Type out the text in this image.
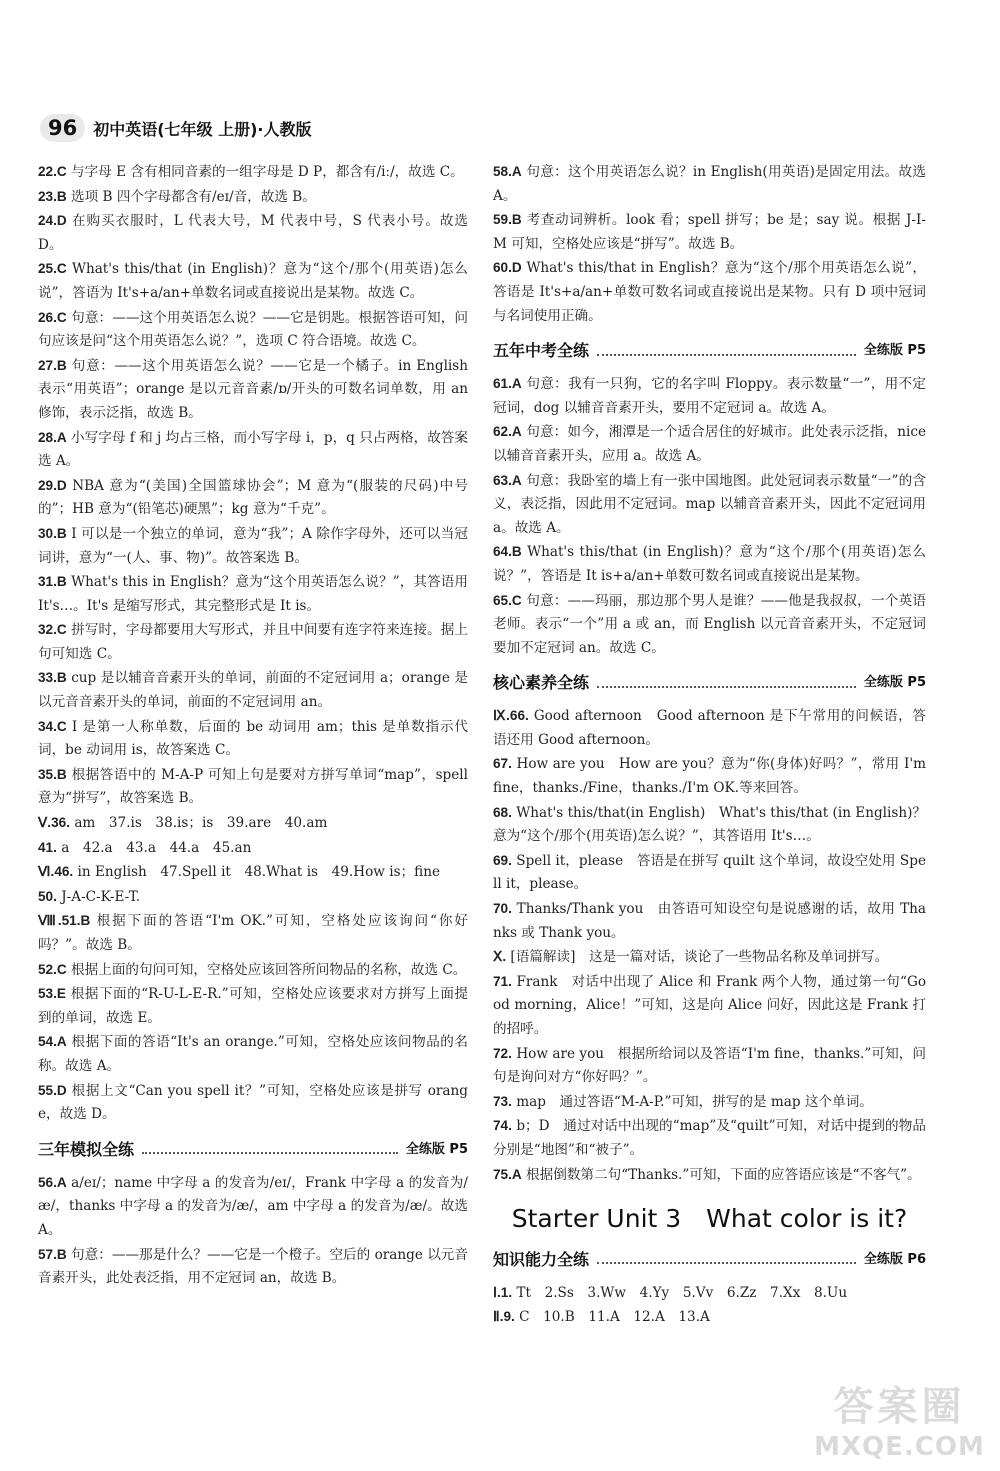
96	初中英语(七年级 上册)·人教版

22.C 与字母 E 含有相同音素的一组字母是 D P，都含有/iː/，故选 C。

23.B 选项 B 四个字母都含有/eɪ/音，故选 B。

24.D 在购买衣服时，L 代表大号，M 代表中号，S 代表小号。故选 D。

25.C What's this/that (in English)？意为“这个/那个(用英语)怎么说”，答语为 It's+a/an+单数名词或直接说出是某物。故选 C。

26.C 句意：——这个用英语怎么说？——它是钥匙。根据答语可知，问句应该是问“这个用英语怎么说？”，选项 C 符合语境。故选 C。

27.B 句意：——这个用英语怎么说？——它是一个橘子。in English 表示“用英语”；orange 是以元音音素/ɒ/开头的可数名词单数，用 an 修饰，表示泛指，故选 B。

28.A 小写字母 f 和 j 均占三格，而小写字母 i，p，q 只占两格，故答案选 A。

29.D NBA 意为“(美国)全国篮球协会”；M 意为“(服装的尺码)中号的”；HB 意为“(铅笔芯)硬黑”；kg 意为“千克”。

30.B I 可以是一个独立的单词，意为“我”；A 除作字母外，还可以当冠词讲，意为“一(人、事、物)”。故答案选 B。

31.B What's this in English？意为“这个用英语怎么说？”，其答语用 It's…。It's 是缩写形式，其完整形式是 It is。

32.C 拼写时，字母都要用大写形式，并且中间要有连字符来连接。据上句可知选 C。

33.B cup 是以辅音音素开头的单词，前面的不定冠词用 a；orange 是以元音音素开头的单词，前面的不定冠词用 an。

34.C I 是第一人称单数，后面的 be 动词用 am；this 是单数指示代词，be 动词用 is，故答案选 C。

35.B 根据答语中的 M-A-P 可知上句是要对方拼写单词“map”，spell 意为“拼写”，故答案选 B。

Ⅴ.36. am　37.is　38.is；is　39.are　40.am

41. a　42.a　43.a　44.a　45.an

Ⅵ.46. in English　47.Spell it　48.What is　49.How is；fine

50. J-A-C-K-E-T.

Ⅷ.51.B 根据下面的答语“I'm OK.”可知，空格处应该询问“你好吗？”。故选 B。

52.C 根据上面的句问可知，空格处应该回答所问物品的名称，故选 C。

53.E 根据下面的“R-U-L-E-R.”可知，空格处应该要求对方拼写上面提到的单词，故选 E。

54.A 根据下面的答语“It's an orange.”可知，空格处应该问物品的名称。故选 A。

55.D 根据上文“Can you spell it？”可知，空格处应该是拼写 orange，故选 D。

三年模拟全练	全练版 P5

56.A a/eɪ/；name 中字母 a 的发音为/eɪ/，Frank 中字母 a 的发音为/æ/，thanks 中字母 a 的发音为/æ/，am 中字母 a 的发音为/æ/。故选 A。

57.B 句意：——那是什么？——它是一个橙子。空后的 orange 以元音音素开头，此处表泛指，用不定冠词 an，故选 B。

58.A 句意：这个用英语怎么说？in English(用英语)是固定用法。故选 A。

59.B 考查动词辨析。look 看；spell 拼写；be 是；say 说。根据 J-I-M 可知，空格处应该是“拼写”。故选 B。

60.D What's this/that in English？意为“这个/那个用英语怎么说”，答语是 It's+a/an+单数可数名词或直接说出是某物。只有 D 项中冠词与名词使用正确。

五年中考全练	全练版 P5

61.A 句意：我有一只狗，它的名字叫 Floppy。表示数量“一”，用不定冠词，dog 以辅音音素开头，要用不定冠词 a。故选 A。

62.A 句意：如今，湘潭是一个适合居住的好城市。此处表示泛指，nice 以辅音音素开头，应用 a。故选 A。

63.A 句意：我卧室的墙上有一张中国地图。此处冠词表示数量“一”的含义，表泛指，因此用不定冠词。map 以辅音音素开头，因此不定冠词用 a。故选 A。

64.B What's this/that (in English)？意为“这个/那个(用英语)怎么说？”，答语是 It is+a/an+单数可数名词或直接说出是某物。

65.C 句意：——玛丽，那边那个男人是谁？——他是我叔叔，一个英语老师。表示“一个”用 a 或 an，而 English 以元音音素开头，不定冠词要加不定冠词 an。故选 C。

核心素养全练	全练版 P5

Ⅸ.66. Good afternoon　Good afternoon 是下午常用的问候语，答语还用 Good afternoon。

67. How are you　How are you？意为“你(身体)好吗？”，常用 I'm fine，thanks./Fine，thanks./I'm OK.等来回答。

68. What's this/that(in English)　What's this/that (in English)？意为“这个/那个(用英语)怎么说？”，其答语用 It's…。

69. Spell it，please　答语是在拼写 quilt 这个单词，故设空处用 Spell it，please。

70. Thanks/Thank you　由答语可知设空句是说感谢的话，故用 Thanks 或 Thank you。

Ⅹ. [语篇解读]　这是一篇对话，谈论了一些物品名称及单词拼写。

71. Frank　对话中出现了 Alice 和 Frank 两个人物，通过第一句“Good morning，Alice！”可知，这是向 Alice 问好，因此这是 Frank 打的招呼。

72. How are you　根据所给词以及答语“I'm fine，thanks.”可知，问句是询问对方“你好吗？”。

73. map　通过答语“M-A-P.”可知，拼写的是 map 这个单词。

74. b；D　通过对话中出现的“map”及“quilt”可知，对话中提到的物品分别是“地图”和“被子”。

75.A 根据倒数第二句“Thanks.”可知，下面的应答语应该是“不客气”。

Starter Unit 3　What color is it?
知识能力全练	全练版 P6

Ⅰ.1. Tt　2.Ss　3.Ww　4.Yy　5.Vv　6.Zz　7.Xx　8.Uu

Ⅱ.9. C　10.B　11.A　12.A　13.A

答案圈
MXQE.COM
